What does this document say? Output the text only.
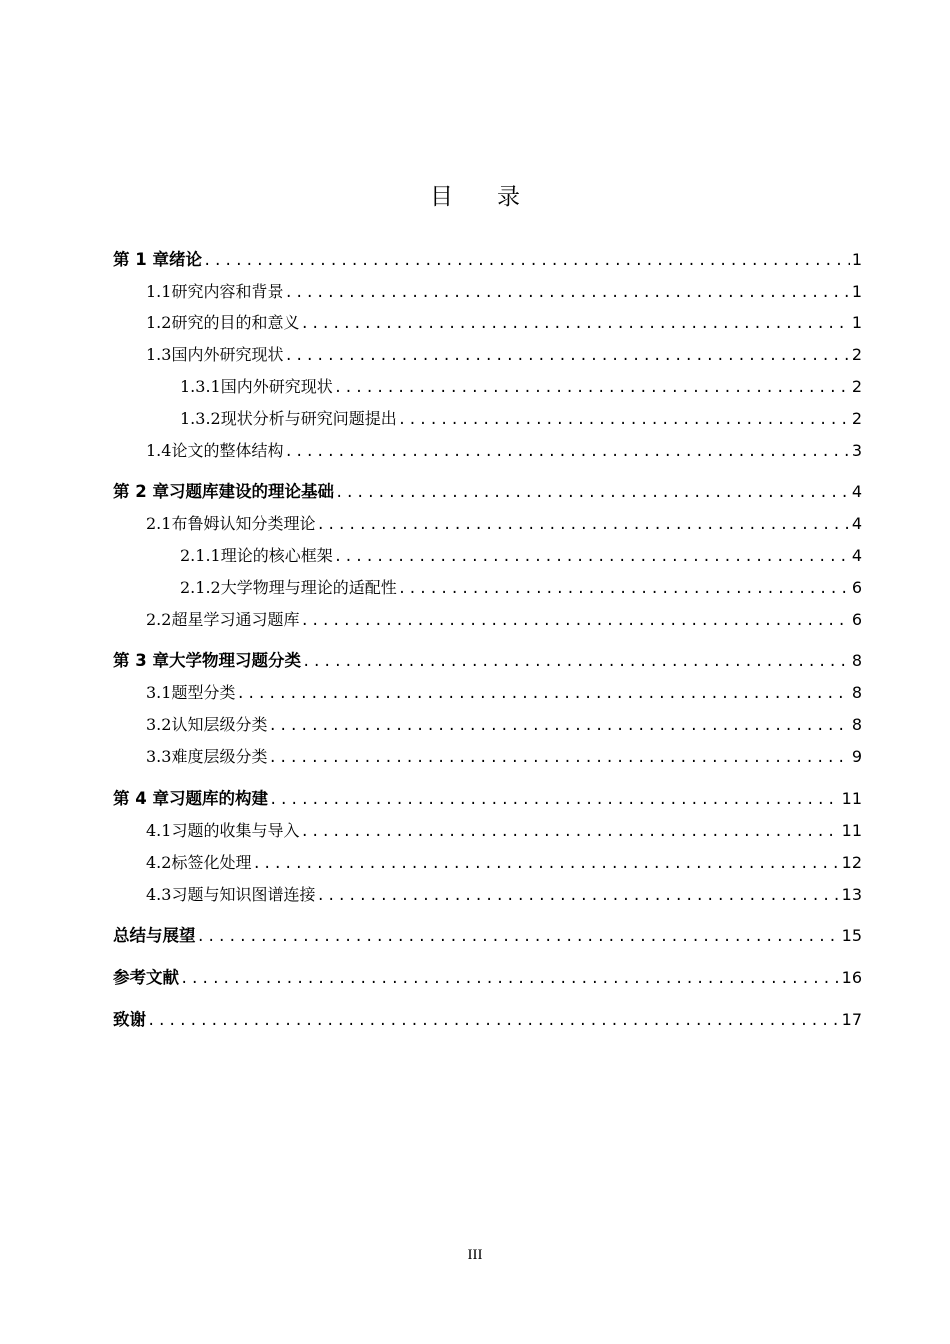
目 录
第 1 章 绪论 .....	1
1.1 研究内容和背景 .....	1
1.2 研究的目的和意义 .....	1
1.3 国内外研究现状 .....	2
1.3.1 国内外研究现状 .....	2
1.3.2 现状分析与研究问题提出 .....	2
1.4 论文的整体结构 .....	3
第 2 章 习题库建设的理论基础 .....	4
2.1 布鲁姆认知分类理论 .....	4
2.1.1 理论的核心框架 .....	4
2.1.2 大学物理与理论的适配性 .....	6
2.2 超星学习通习题库 .....	6
第 3 章 大学物理习题分类 .....	8
3.1 题型分类 .....	8
3.2 认知层级分类 .....	8
3.3 难度层级分类 .....	9
第 4 章 习题库的构建 .....	11
4.1 习题的收集与导入 .....	11
4.2 标签化处理 .....	12
4.3 习题与知识图谱连接 .....	13
总结与展望 .....	15
参考文献 .....	16
致谢 .....	17
III
